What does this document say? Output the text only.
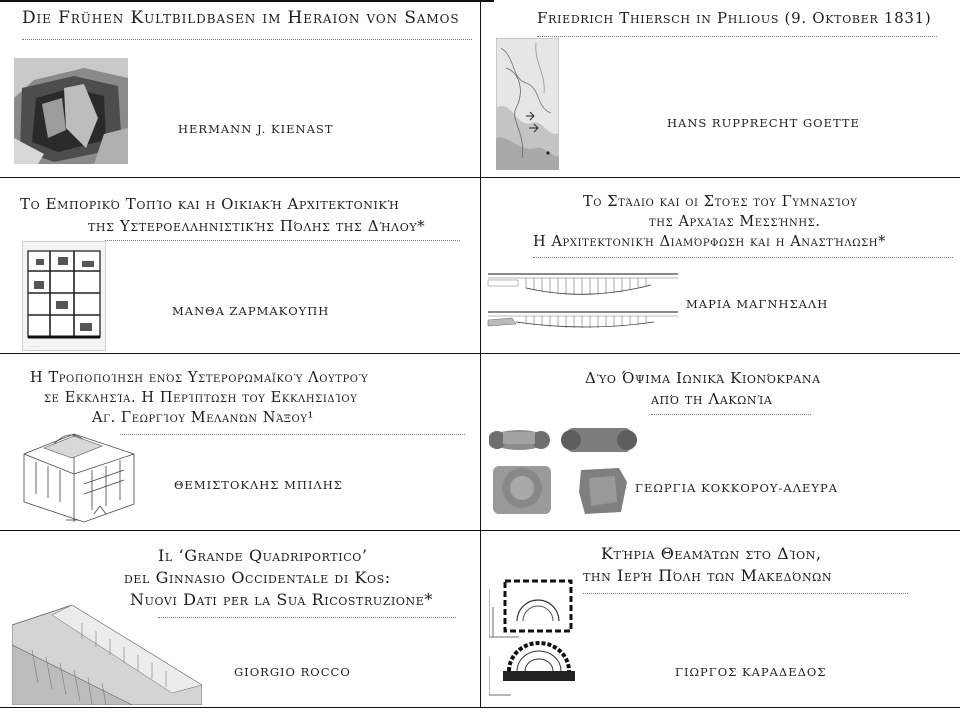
Die Frühen Kultbildbasen im Heraion von Samos
HERMANN J. KIENAST
Friedrich Thiersch in Phlious (9. Oktober 1831)
HANS RUPPRECHT GOETTE
Το Εμπορικό Τοπίο και η Οικιακή Αρχιτεκτονική
της Υστεροελληνιστικής Πόλης της Δήλου*
. . . .
ΜΑΝΘΑ ΖΑΡΜΑΚΟΥΠΗ
Το Στάδιο και οι Στοές του Γυμνασίου
της Αρχαίας Μεσσήνης.
Η Αρχιτεκτονική Διαμόρφωση και η Αναστήλωση*
ΜΑΡΙΑ ΜΑΓΝΗΣΑΛΗ
Η Τροποποίηση ενός Υστερορωμαϊκού Λουτρού
σε Εκκλησία. Η Περίπτωση του Εκκλησιδίου
Αγ. Γεωργίου Μελανών Νάξου¹
ΘΕΜΙΣΤΟΚΛΗΣ ΜΠΙΛΗΣ
Δύο Όψιμα Ιωνικά Κιονόκρανα
από τη Λακωνία
ΓΕΩΡΓΙΑ ΚΟΚΚΟΡΟΥ-ΑΛΕΥΡΑ
Il ‘Grande Quadriportico’
del Ginnasio Occidentale di Kos:
Nuovi Dati per la Sua Ricostruzione*
GIORGIO ROCCO
Κτήρια Θεαμάτων στο Δίον,
την Ιερή Πόλη των Μακεδόνων
ΓΙΩΡΓΟΣ ΚΑΡΑΔΕΔΟΣ
